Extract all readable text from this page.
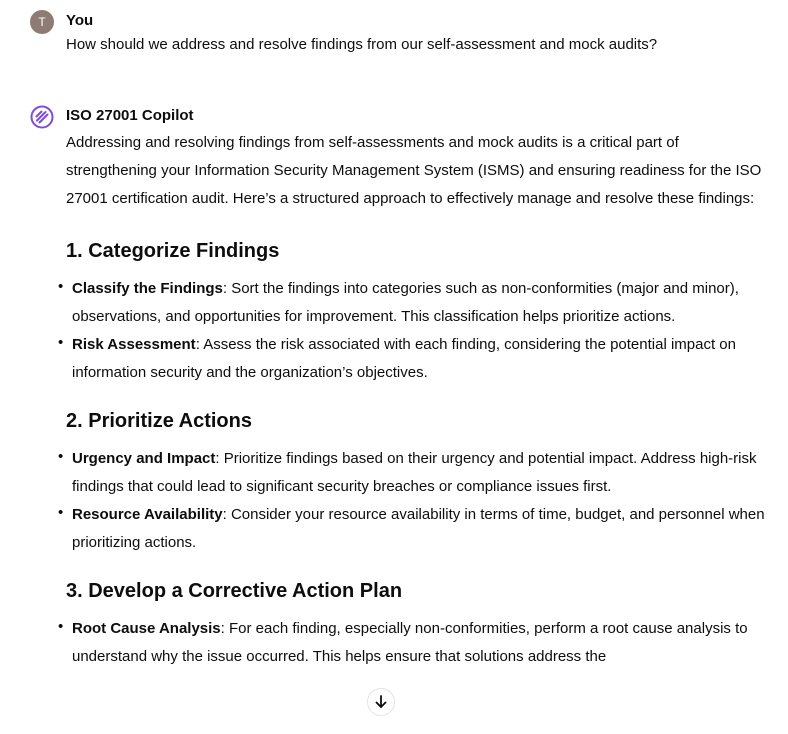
T	You
How should we address and resolve findings from our self-assessment and mock audits?
ISO 27001 Copilot

Addressing and resolving findings from self-assessments and mock audits is a critical part of strengthening your Information Security Management System (ISMS) and ensuring readiness for the ISO 27001 certification audit. Here’s a structured approach to effectively manage and resolve these findings:

1. Categorize Findings
• Classify the Findings: Sort the findings into categories such as non-conformities (major and minor), observations, and opportunities for improvement. This classification helps prioritize actions.
• Risk Assessment: Assess the risk associated with each finding, considering the potential impact on information security and the organization’s objectives.
2. Prioritize Actions
• Urgency and Impact: Prioritize findings based on their urgency and potential impact. Address high-risk findings that could lead to significant security breaches or compliance issues first.
• Resource Availability: Consider your resource availability in terms of time, budget, and personnel when prioritizing actions.
3. Develop a Corrective Action Plan
• Root Cause Analysis: For each finding, especially non-conformities, perform a root cause analysis to understand why the issue occurred. This helps ensure that solutions address the
